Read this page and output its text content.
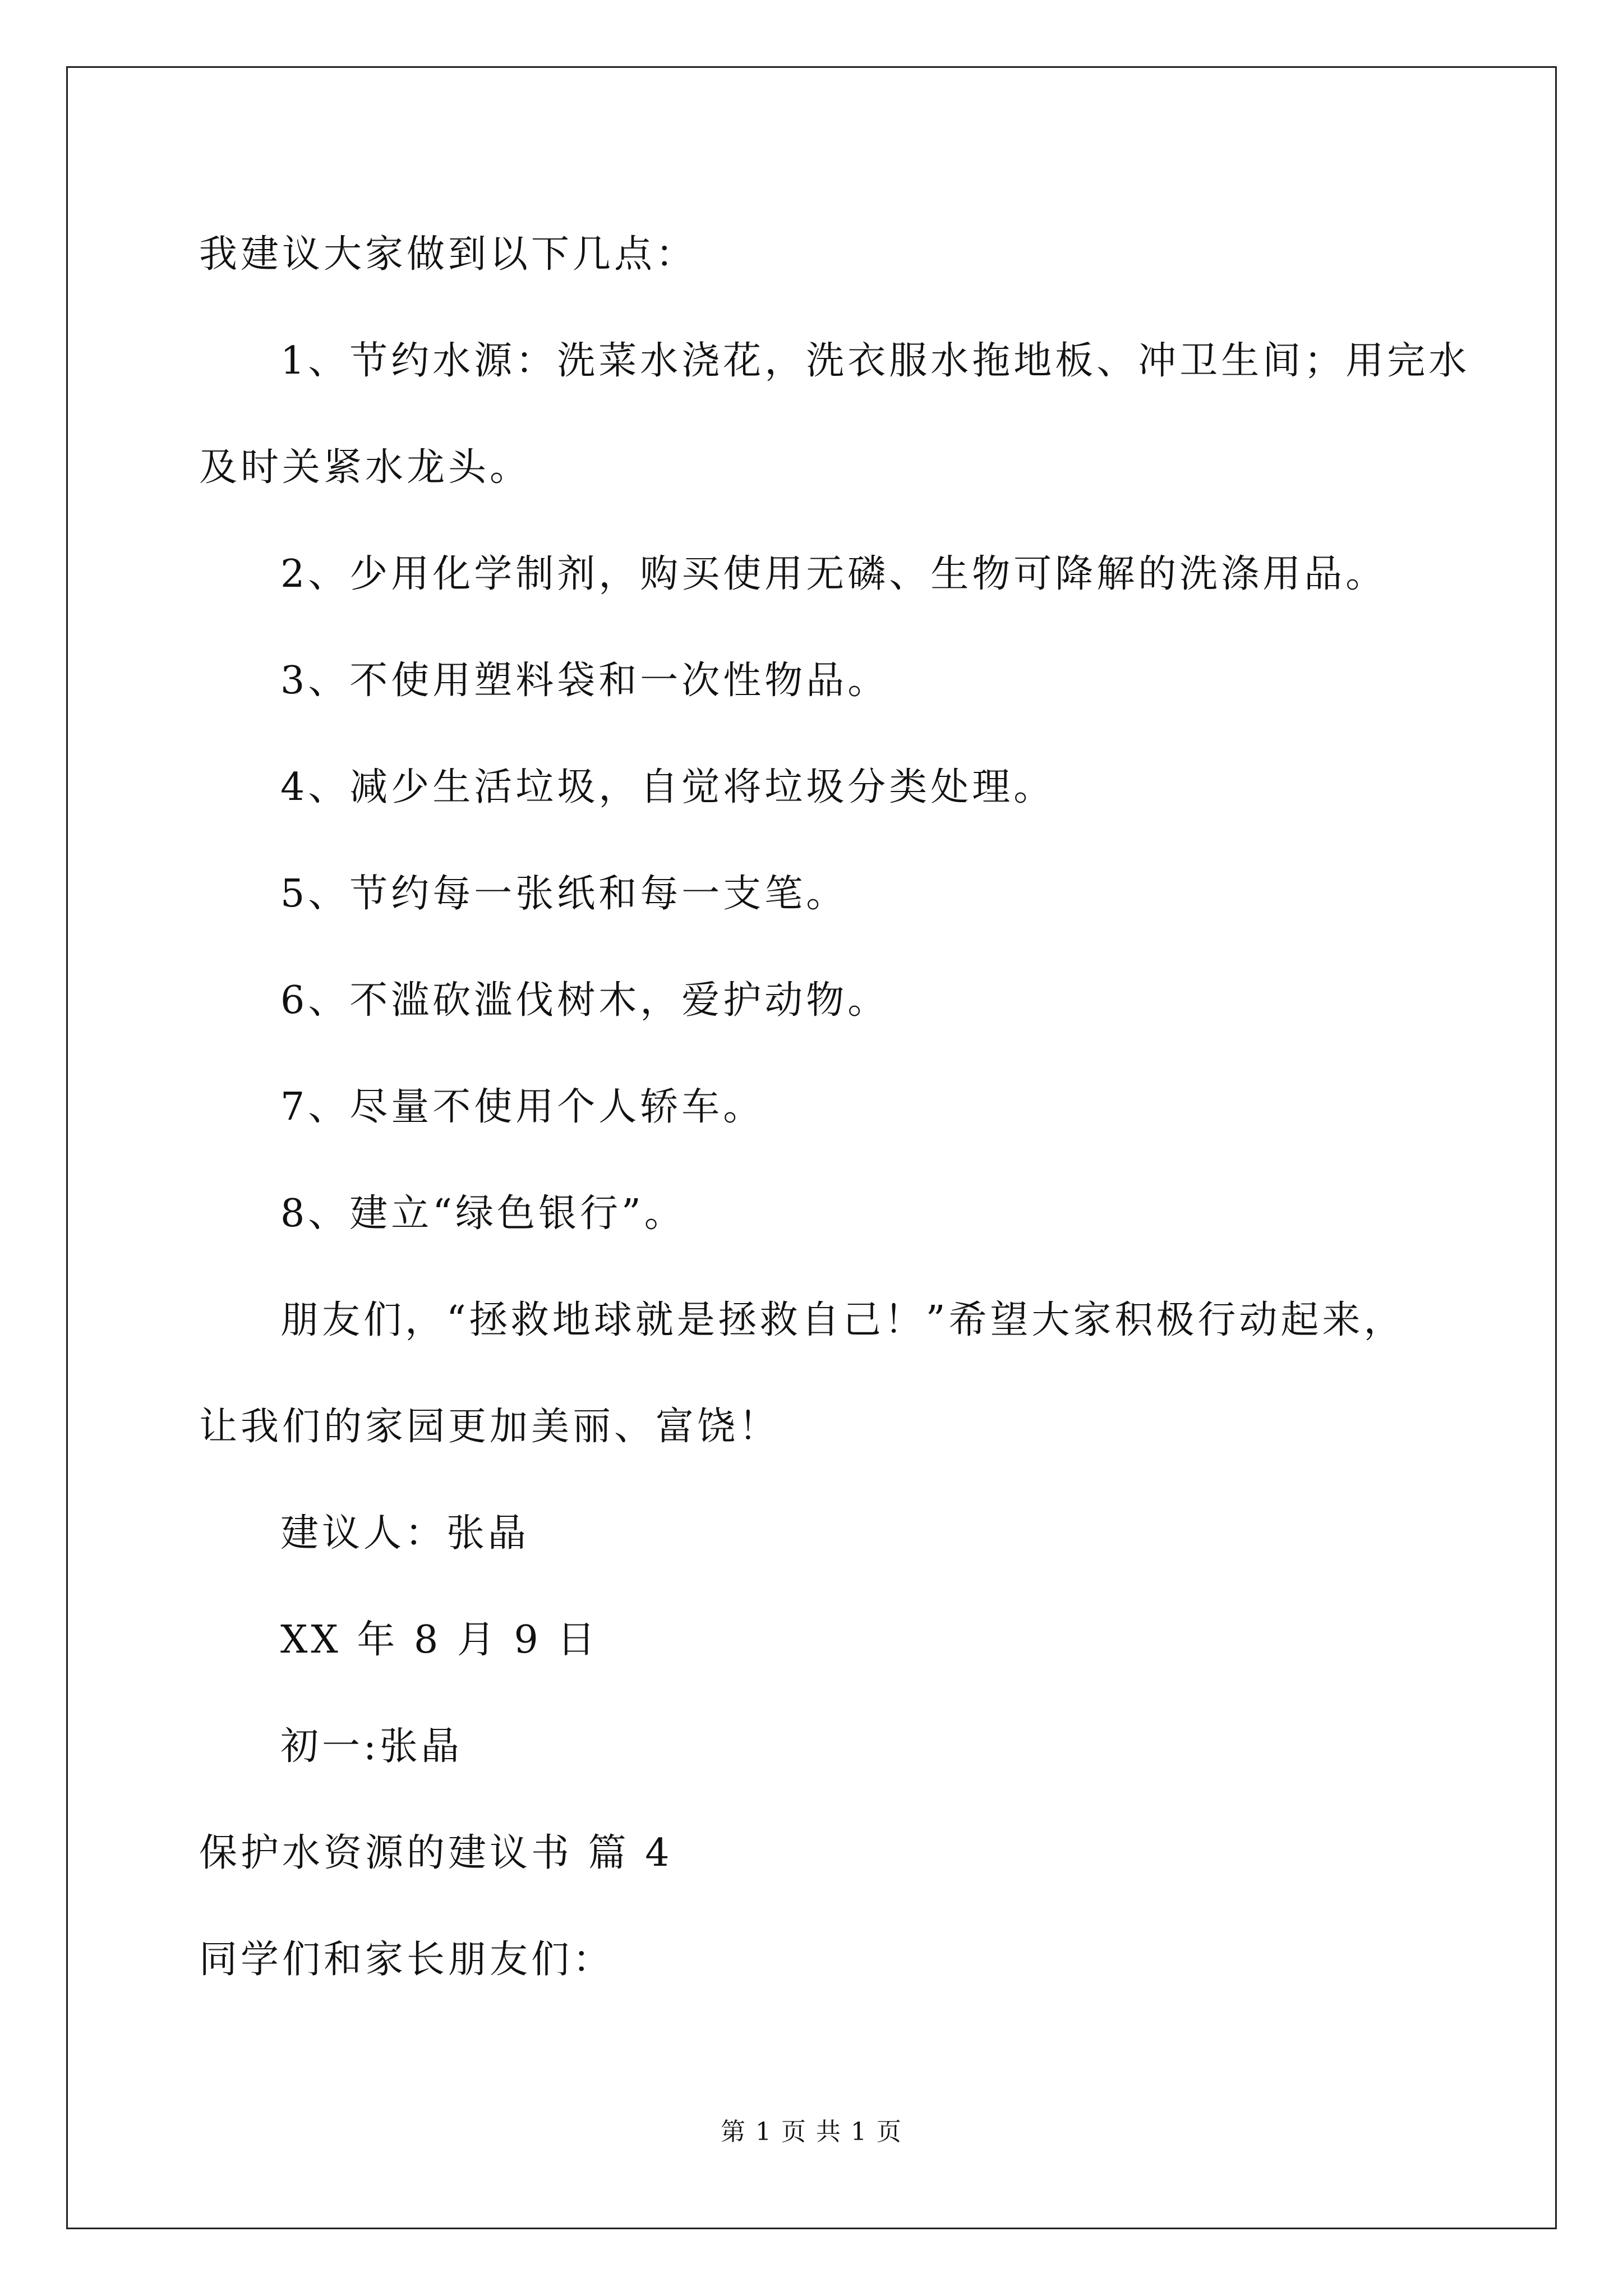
我建议大家做到以下几点：
1、节约水源：洗菜水浇花，洗衣服水拖地板、冲卫生间；用完水
及时关紧水龙头。
2、少用化学制剂，购买使用无磷、生物可降解的洗涤用品。
3、不使用塑料袋和一次性物品。
4、减少生活垃圾，自觉将垃圾分类处理。
5、节约每一张纸和每一支笔。
6、不滥砍滥伐树木，爱护动物。
7、尽量不使用个人轿车。
8、建立“绿色银行”。
朋友们，“拯救地球就是拯救自己！”希望大家积极行动起来，
让我们的家园更加美丽、富饶！
建议人：张晶
XX 年 8 月 9 日
初一:张晶
保护水资源的建议书 篇 4
同学们和家长朋友们：
第 1 页 共 1 页
